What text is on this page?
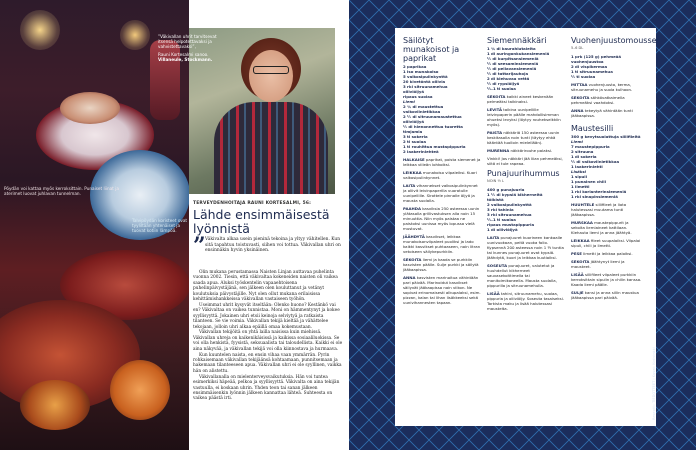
Pöydän voi kattaa myös kerroksittain. Punaiset liinat ja aterimet luovat juhlavan tunnelman.
Talvipöydän koristeet ovat tyyliltään yhtenäiset ja tuovat kotiin lämpöä.
”Väkivallan uhrit tarvitsevat itsensä helpotettavaksi ja vahvistettavaksi”,
Rauni Kortesalmi sanoo.
Villaneule, Stockmann.
TERVEYDENHOITAJA RAUNI KORTESALMI, 56:
Lähde ensimmäisestä lyönnistä
” Väkivalta alkaa usein pieninä tekoina ja yltyy vähitellen. Kun sitä tapahtuu toistuvasti, siihen voi tottua. Väkivallan uhri on ensinnäkin hyvin yksinäinen.

Olin mukana perustamassa Naisten Linjan auttavaa puhelinta vuonna 2002. Tiesin, että väkivaltaa kokeneiden naisten oli vaikea saada apua. Aluksi työskentelin vapaaehtoisena puhelinpäivystäjänä, sen jälkeen olen kouluttanut ja vetänyt koulutuksia päivystäjille. Nyt olen ollut mukana erilaisissa kehittämishankkeissa väkivallan vastaiseen työhön.

Useimmat uhrit kysyvät itseltään: Olenko huono? Kestänkö vai en? Väkivaltaa on vaikea tunnistaa. Moni on hämmentynyt ja kokee syyllisyyttä. Jokainen uhri etsii keinoja selviytyä ja ratkaista tilanteen. Se vie voimia. Väkivallan tekijä kieltää ja vähättelee tekojaan, jolloin uhri alkaa epäillä omaa kokemustaan.

Väkivallan tekijöitä on yhtä lailla naisissa kuin miehissä. Väkivallan uhreja on kaikenikäisissä ja kaikissa sosiaaliluokissa. Se voi olla henkistä, fyysistä, seksuaalista tai taloudellista. Kaikki ei ole aina näkyvää, ja väkivallan tekijä voi olla kiinnostava ja hurmaava.

Kun kuuntelen naista, en ensin vihaa vaan ymmärrän. Pyrin rohkaisemaan väkivallan tekijäänsä kohtaamaan, punnitsemaan ja hakemaan tilanteeseen apua. Väkivallan uhri ei ole syyllinen, vaikka hän on alistettu.

Väkivallanalla on mielenterveysvaikutuksia. Hän voi tuntea esimerkiksi häpeää, pelkoa ja syyllisyyttä. Väkivalta on aina tekijän vastuulla, ei koskaan uhrin. Yhden teon tai sanan jälkeen ensimmäisenkin lyönnin jälkeen kannattaa lähteä. Suhteesta on vaikea päästä irti.

Säilötyt munakoisot ja paprikat
2 paprikaa
1 iso munakoiso
5 valkosipulinkynttä
20 kivetöntä oliivia
3 rkl sitruunamehua
oliiviöljyä
ripaus suolaa
Liemi
2 ¾ dl maustettua valkoviinietikkaa
2 ½ dl sitruunamaustettua oliiviöljyä
½ dl hienonnettua tuoretta timjamia
3 tl sokeria
2 tl suolaa
1 tl rouhittua mustapippuria
2 laakerinlehteä

HALKAISE paprikat, poista siemenet ja leikkaa viileän lohkoiksi.

LEIKKAA munakoiso viipaleiksi. Kuori valkosipulinkynnet.

LAITA vihannekset valkosipulinkynnet ja oliivit leivinpaperilla vuoratulle uunipellille. Sirottele pinnalle öljyä ja mausta suolalla.

PAAHDA kasviksia 250 asteessa uunin ylätasolla grillivastuksen alla noin 15 minuuttia. Niin myös paistaa ne paistoksi uunissa myös lopussa vielä mustuvat.

JÄÄHDYTÄ kasvikset, leikkaa munakoisonviipaleet puoliksi ja lado kaikki kasvikset puhtaaseen, noin litran vetoiseen säilykepurkkiin.

SEKOITA liemi ja kaada se purkkiin kasvisten päälle. Sulje purkki ja säilytä jääkaapissa.

ANNA kasvisten marinoitua vähintään pari päivää. Marinoidut kasvikset säilyvät jääkaapissa noin viikon. Ne sopivat erinomaisesti alkupalaksi, esim. pizzan, kalan tai lihan lisäkkeeksi sekä uunivihannesten tapaan.

Siemennäkkäri
1 ¾ dl kaurahiutaleita
1 dl auringonkukansiemeniä
½ dl kurpitsansiemeniä
½ dl seesaminsiemeniä
½ dl pellavansiemeniä
½ dl tattarijauhoja
2 dl kiehuvaa vettä
½ dl rypsiöljyä
½–1 tl suolaa

SEKOITA kaikki aineet keskenään pelmeäksi taikinaksi.

LEVITÄ taikina uunipellille leivinpaperin päälle mahdollisimman ohueksi levyksi (löytyy rouhekselkkiin myös).

PAISTA näkkäriä 150 asteessa uunin keskitasolla noin tunti (täytyy ehkä kääntää tuolloin mielellään).

MURENNA näkkärirouhe palaksi.

Vinkki! Jos näkkäri jää liian pehmeäksi, siitä ei tule rapeaa.

Punajuurihummus
NOIN ½ L
400 g punajuuria
1 ½ dl kypsiä kikherneitä
tölkistä
2 valkosipulinkynttä
3 rkl tahinia
3 rkl sitruunamehua
½–1 tl suolaa
ripaus mustapippuria
1 dl oliiviöljyä

LAITA punajuuret kuorineen kankaalle uunivuokaan, peitä vuoka folio. Kypsennä 200 asteessa noin 1 ½ tuntia tai kunnes punajuuret ovat kypsiä. Jäähdytä, kuori ja leikkaa kuutioiksi.

SOSEUTA punajuuret, valutetut ja huuhdellut kikherneet sauvasekoittimella tai monitoimikoneella. Mausta suolalla, pippurilla ja sitruunamehulla.

LISÄÄ tahini, sitruunamehu, suolaa, pippuria ja oliiviöljy. Soseuta tasaiseksi. Tarkista maku ja lisää halutessasi mausteita.

Vuohenjuustomousse
5–6 DL
1 prk (125 g) pehmeää vuohenjuustoa
2 dl vispikermaa
1 tl sitruunamehua
½ tl suolaa

MITTAA vuohenjuusto, kerma, sitruunamehu ja suola kulhoon.

SEKOITA sähkövatkaimella pehmeäksi vaahdoksi.

ANNA tekeytyä vähintään tunti jääkaapissa.

Maustesilli
300 g kevytsuolattuja sillifileitä
Liemi
7 maustepippuria
2 sitruuna
1 dl sokeria
½ dl valkoviinietikkaa
1 laakerinlehti
Lisäksi
1 sipuli
1 punainen chili
1 limetti
1 rkl korianterinsiemeniä
1 rkl sinapinsiemeniä

HUUHTELE sillifileet ja liota halutessasi muutama tunti jääkaapissa.

MURSKAA maustepippurit ja sekoita liemiaineet kattilaan. Kiehauta liemi ja anna jäähtyä.

LEIKKAA fileet suupaloiksi. Viipaloi sipuli, chili ja limetti.

PESE limetti ja leikkaa paloiksi.

SEKOITA jäähtynyt liemi ja mausteet.

LISÄÄ sillifileet viipaleet purkkiin kerroksittain sipulin ja chilin kanssa. Kaada liemi päälle.

SULJE kansi ja anna sillin maustua jääkaapissa pari päivää.

Reseptit: TIEDOTTEET | Kuvat: Kotivinkki
